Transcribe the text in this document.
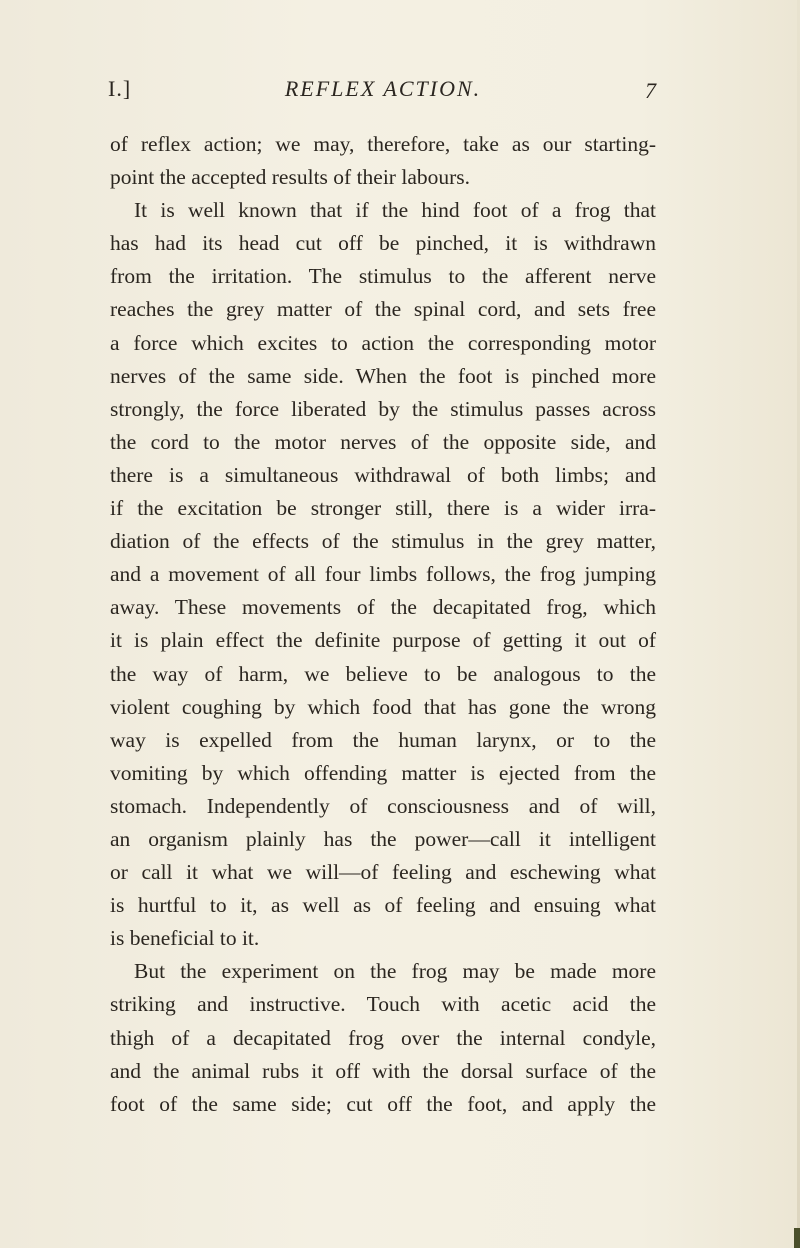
I.]	REFLEX ACTION.	7
of reflex action; we may, therefore, take as our starting-
point the accepted results of their labours.
It is well known that if the hind foot of a frog that
has had its head cut off be pinched, it is withdrawn
from the irritation. The stimulus to the afferent nerve
reaches the grey matter of the spinal cord, and sets free
a force which excites to action the corresponding motor
nerves of the same side. When the foot is pinched more
strongly, the force liberated by the stimulus passes across
the cord to the motor nerves of the opposite side, and
there is a simultaneous withdrawal of both limbs; and
if the excitation be stronger still, there is a wider irra-
diation of the effects of the stimulus in the grey matter,
and a movement of all four limbs follows, the frog jumping
away. These movements of the decapitated frog, which
it is plain effect the definite purpose of getting it out of
the way of harm, we believe to be analogous to the
violent coughing by which food that has gone the wrong
way is expelled from the human larynx, or to the
vomiting by which offending matter is ejected from the
stomach. Independently of consciousness and of will,
an organism plainly has the power—call it intelligent
or call it what we will—of feeling and eschewing what
is hurtful to it, as well as of feeling and ensuing what
is beneficial to it.
But the experiment on the frog may be made more
striking and instructive. Touch with acetic acid the
thigh of a decapitated frog over the internal condyle,
and the animal rubs it off with the dorsal surface of the
foot of the same side; cut off the foot, and apply the
